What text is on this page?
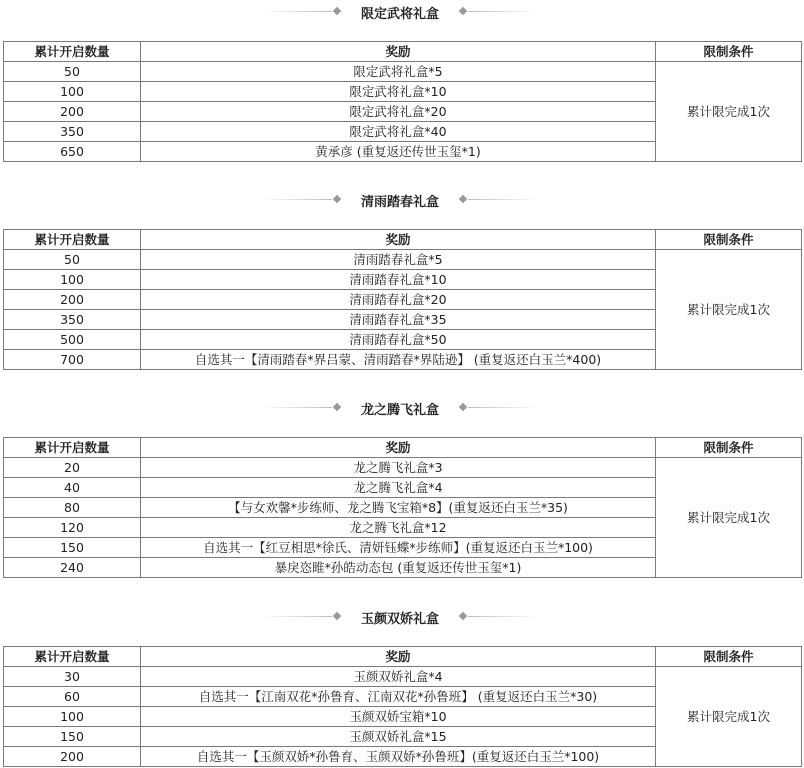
限定武将礼盒
累计开启数量	奖励	限制条件
50	限定武将礼盒*5	累计限完成1次
100	限定武将礼盒*10	
200	限定武将礼盒*20	
350	限定武将礼盒*40	
650	黄承彦 (重复返还传世玉玺*1)	
清雨踏春礼盒
累计开启数量	奖励	限制条件
50	清雨踏春礼盒*5	累计限完成1次
100	清雨踏春礼盒*10	
200	清雨踏春礼盒*20	
350	清雨踏春礼盒*35	
500	清雨踏春礼盒*50	
700	自选其一【清雨踏春*界吕蒙、清雨踏春*界陆逊】 (重复返还白玉兰*400)	
龙之腾飞礼盒
累计开启数量	奖励	限制条件
20	龙之腾飞礼盒*3	累计限完成1次
40	龙之腾飞礼盒*4	
80	【与女欢馨*步练师、龙之腾飞宝箱*8】(重复返还白玉兰*35)	
120	龙之腾飞礼盒*12	
150	自选其一【红豆相思*徐氏、清妍钰蝶*步练师】(重复返还白玉兰*100)	
240	暴戾恣睢*孙皓动态包 (重复返还传世玉玺*1)	
玉颜双娇礼盒
累计开启数量	奖励	限制条件
30	玉颜双娇礼盒*4	累计限完成1次
60	自选其一【江南双花*孙鲁育、江南双花*孙鲁班】 (重复返还白玉兰*30)	
100	玉颜双娇宝箱*10	
150	玉颜双娇礼盒*15	
200	自选其一【玉颜双娇*孙鲁育、玉颜双娇*孙鲁班】(重复返还白玉兰*100)	
